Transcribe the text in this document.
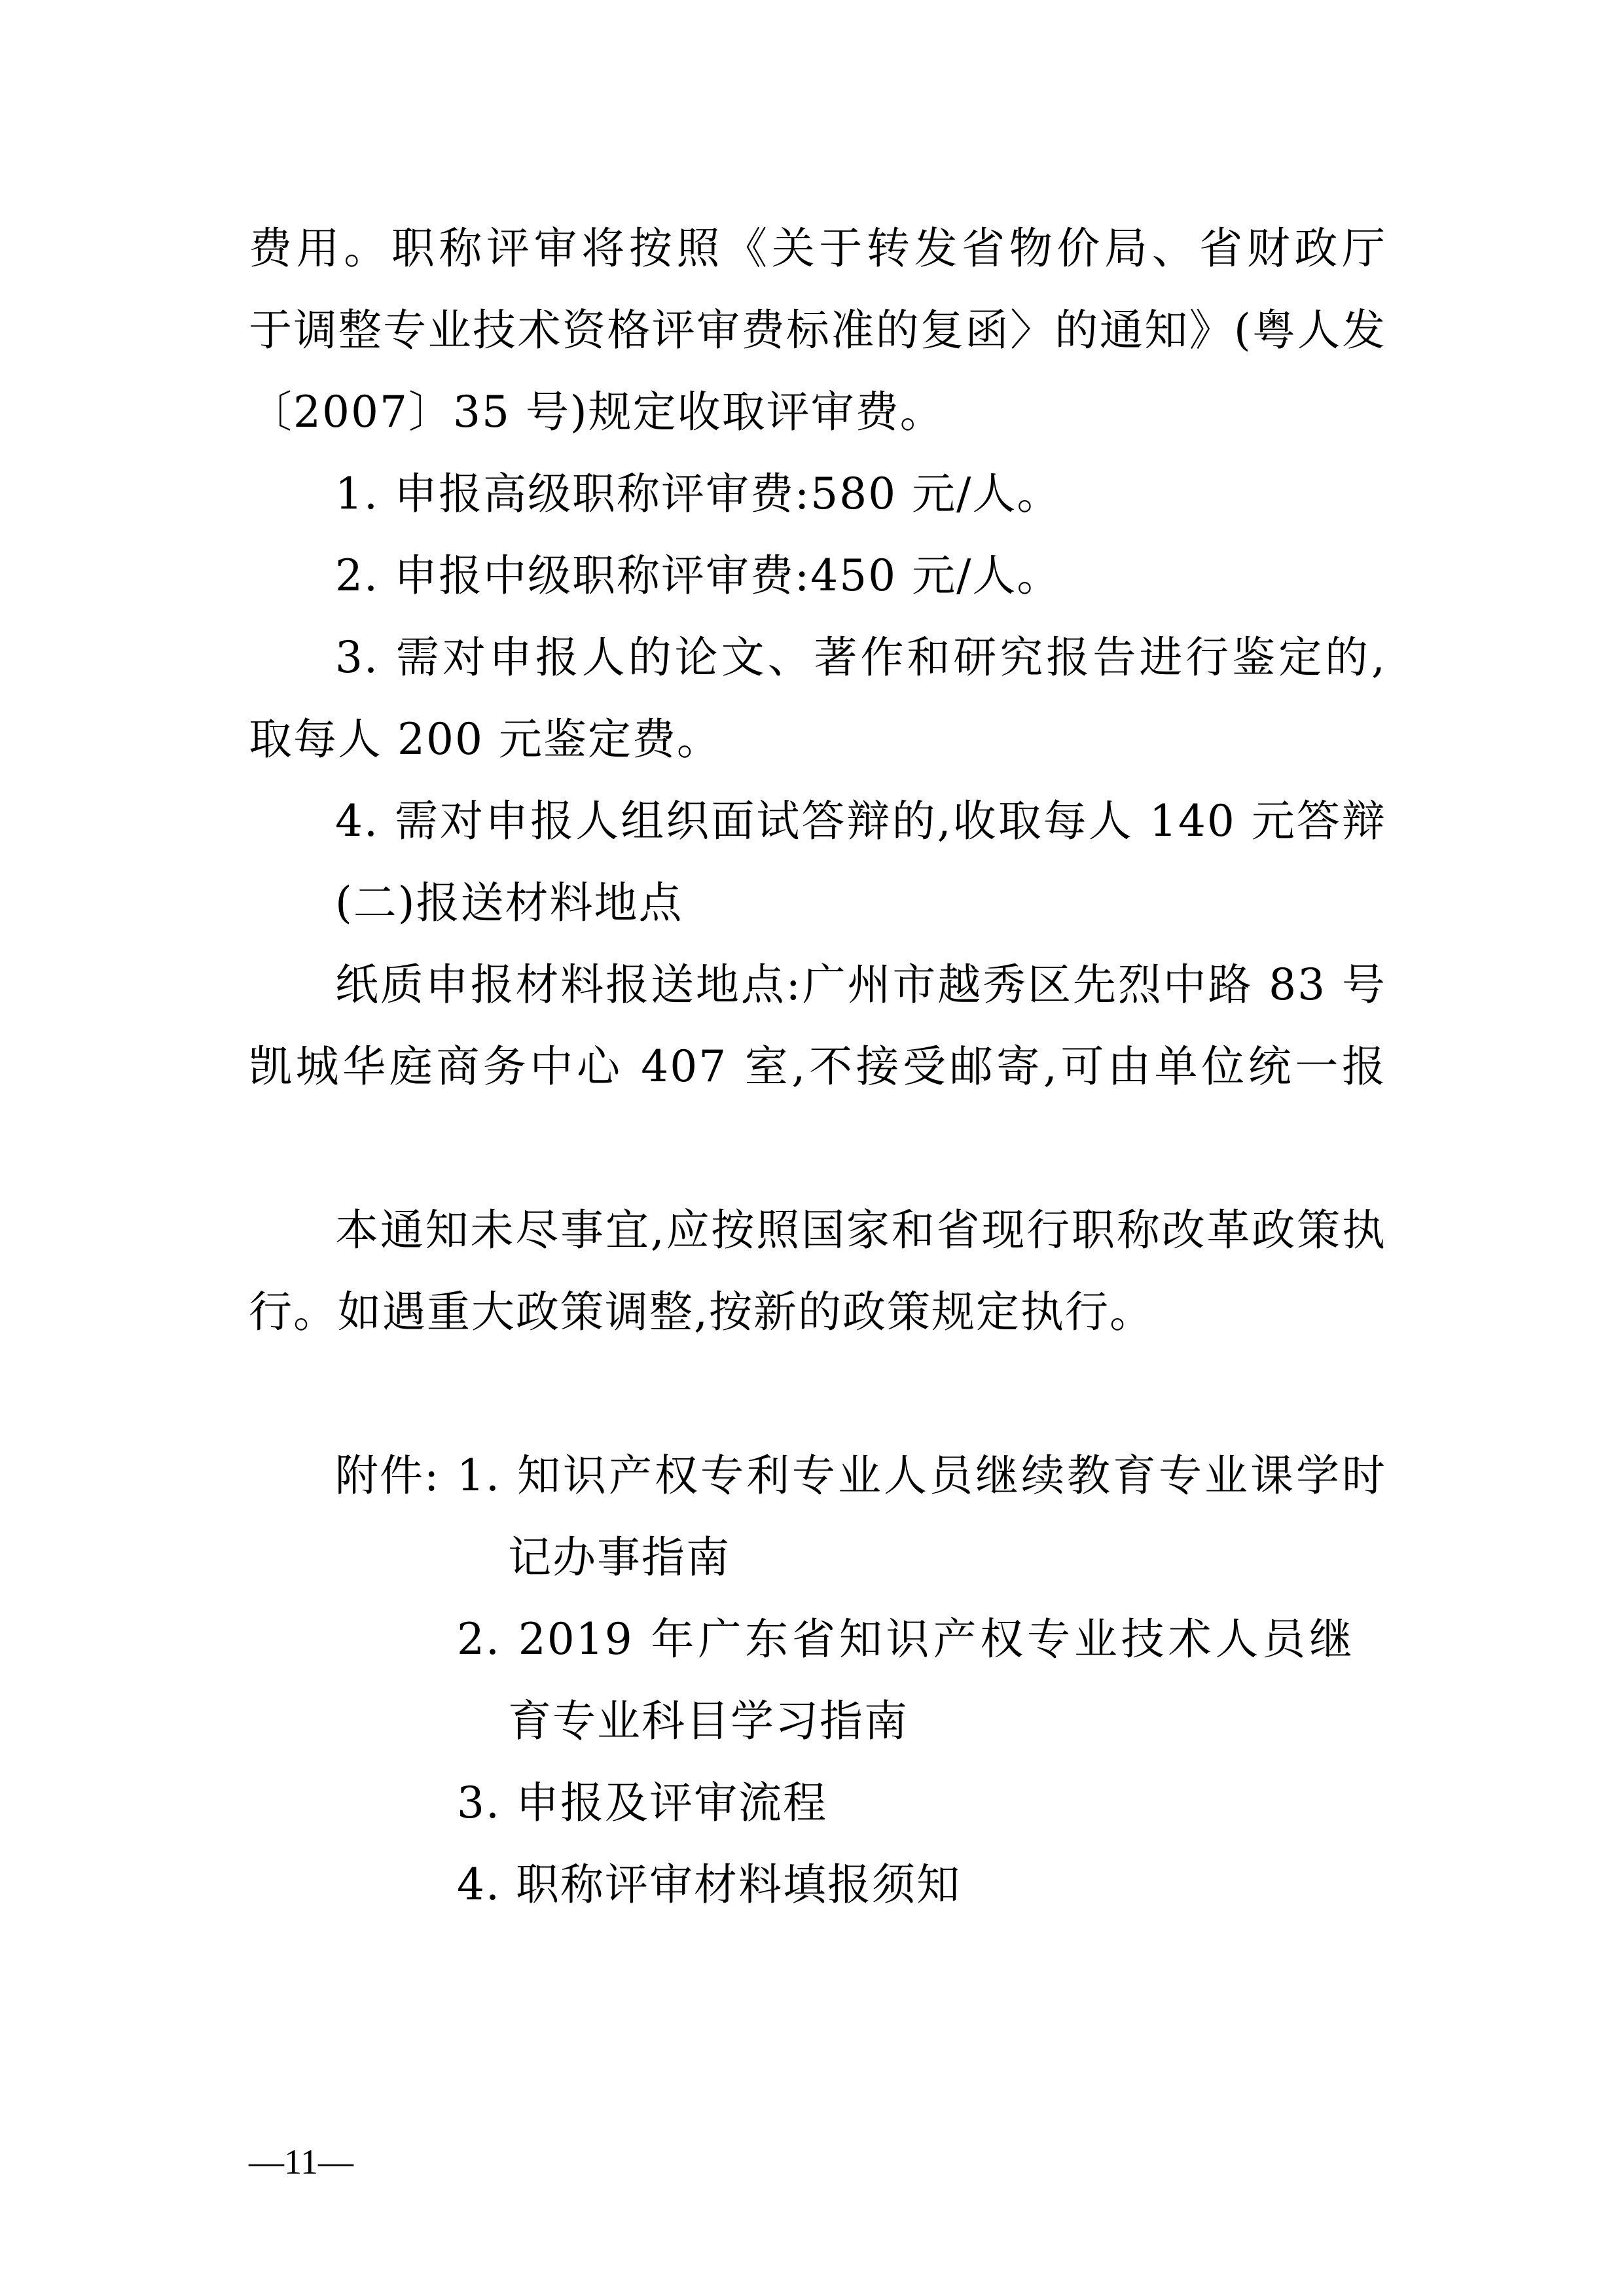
费用。职称评审将按照《关于转发省物价局、省财政厅
于调整专业技术资格评审费标准的复函〉的通知》(粤人发
〔2007〕35 号)规定收取评审费。
1. 申报高级职称评审费:580 元/人。
2. 申报中级职称评审费:450 元/人。
3. 需对申报人的论文、著作和研究报告进行鉴定的,
取每人 200 元鉴定费。
4. 需对申报人组织面试答辩的,收取每人 140 元答辩
(二)报送材料地点
纸质申报材料报送地点:广州市越秀区先烈中路 83 号
凯城华庭商务中心 407 室,不接受邮寄,可由单位统一报
本通知未尽事宜,应按照国家和省现行职称改革政策执
行。如遇重大政策调整,按新的政策规定执行。
附件: 1. 知识产权专利专业人员继续教育专业课学时
记办事指南
2. 2019 年广东省知识产权专业技术人员继
育专业科目学习指南
3. 申报及评审流程
4. 职称评审材料填报须知
—11—
